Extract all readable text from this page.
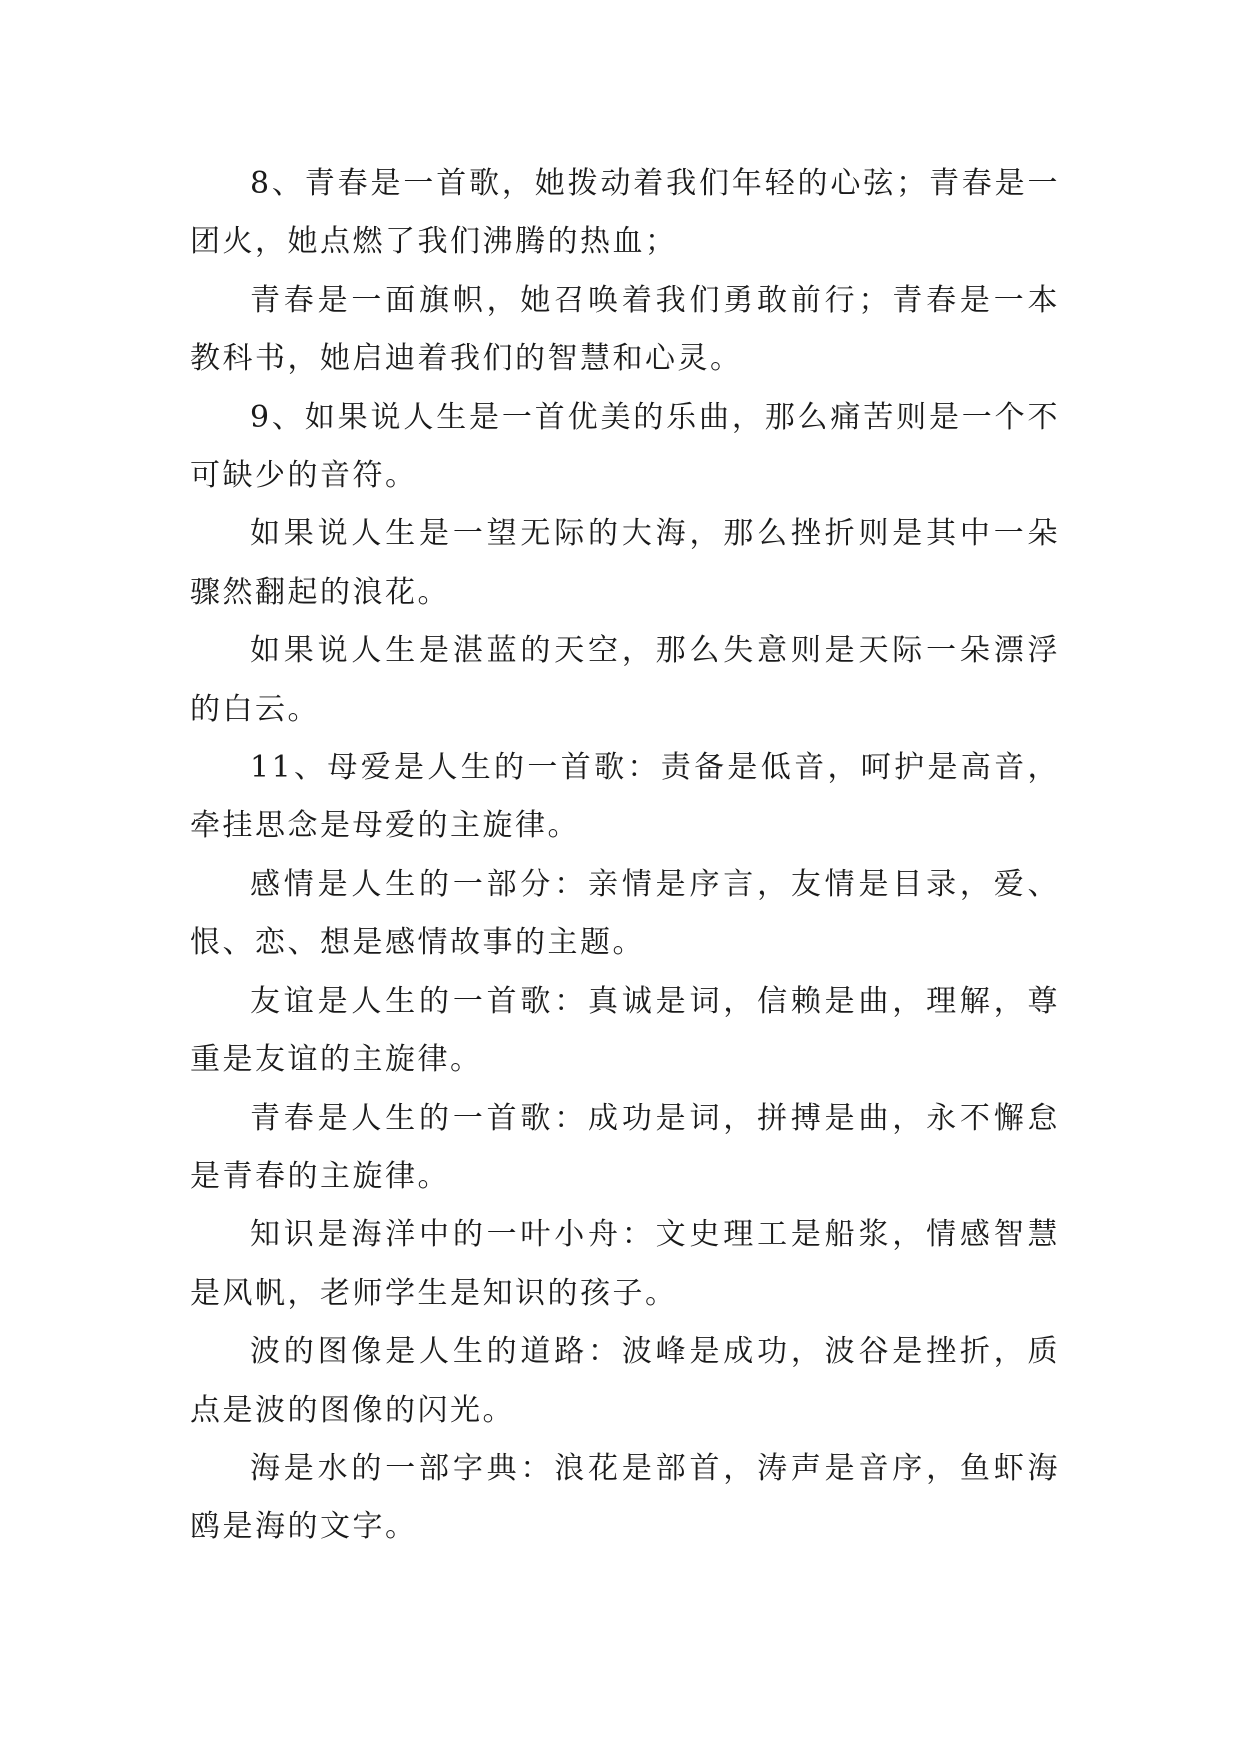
8、青春是一首歌，她拨动着我们年轻的心弦；青春是一团火，她点燃了我们沸腾的热血；

青春是一面旗帜，她召唤着我们勇敢前行；青春是一本教科书，她启迪着我们的智慧和心灵。

9、如果说人生是一首优美的乐曲，那么痛苦则是一个不可缺少的音符。

如果说人生是一望无际的大海，那么挫折则是其中一朵骤然翻起的浪花。

如果说人生是湛蓝的天空，那么失意则是天际一朵漂浮的白云。

11、母爱是人生的一首歌：责备是低音，呵护是高音，牵挂思念是母爱的主旋律。

感情是人生的一部分：亲情是序言，友情是目录，爱、恨、恋、想是感情故事的主题。

友谊是人生的一首歌：真诚是词，信赖是曲，理解，尊重是友谊的主旋律。

青春是人生的一首歌：成功是词，拼搏是曲，永不懈怠是青春的主旋律。

知识是海洋中的一叶小舟：文史理工是船浆，情感智慧是风帆，老师学生是知识的孩子。

波的图像是人生的道路：波峰是成功，波谷是挫折，质点是波的图像的闪光。

海是水的一部字典：浪花是部首，涛声是音序，鱼虾海鸥是海的文字。
